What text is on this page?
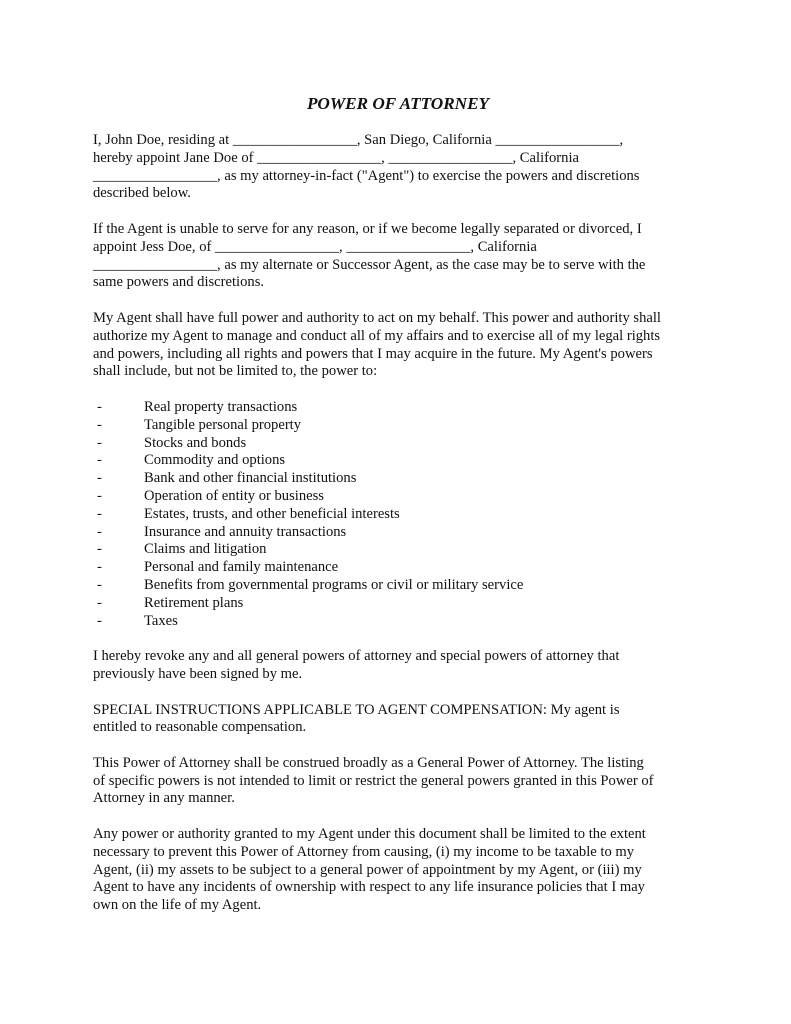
POWER OF ATTORNEY
I, John Doe, residing at _________________, San Diego, California _________________,
hereby appoint Jane Doe of _________________, _________________, California
_________________, as my attorney-in-fact ("Agent") to exercise the powers and discretions
described below.
If the Agent is unable to serve for any reason, or if we become legally separated or divorced, I
appoint Jess Doe, of _________________, _________________, California
_________________, as my alternate or Successor Agent, as the case may be to serve with the
same powers and discretions.
My Agent shall have full power and authority to act on my behalf. This power and authority shall
authorize my Agent to manage and conduct all of my affairs and to exercise all of my legal rights
and powers, including all rights and powers that I may acquire in the future. My Agent's powers
shall include, but not be limited to, the power to:
-	Real property transactions
-	Tangible personal property
-	Stocks and bonds
-	Commodity and options
-	Bank and other financial institutions
-	Operation of entity or business
-	Estates, trusts, and other beneficial interests
-	Insurance and annuity transactions
-	Claims and litigation
-	Personal and family maintenance
-	Benefits from governmental programs or civil or military service
-	Retirement plans
-	Taxes
I hereby revoke any and all general powers of attorney and special powers of attorney that
previously have been signed by me.
SPECIAL INSTRUCTIONS APPLICABLE TO AGENT COMPENSATION: My agent is
entitled to reasonable compensation.
This Power of Attorney shall be construed broadly as a General Power of Attorney. The listing
of specific powers is not intended to limit or restrict the general powers granted in this Power of
Attorney in any manner.
Any power or authority granted to my Agent under this document shall be limited to the extent
necessary to prevent this Power of Attorney from causing, (i) my income to be taxable to my
Agent, (ii) my assets to be subject to a general power of appointment by my Agent, or (iii) my
Agent to have any incidents of ownership with respect to any life insurance policies that I may
own on the life of my Agent.
